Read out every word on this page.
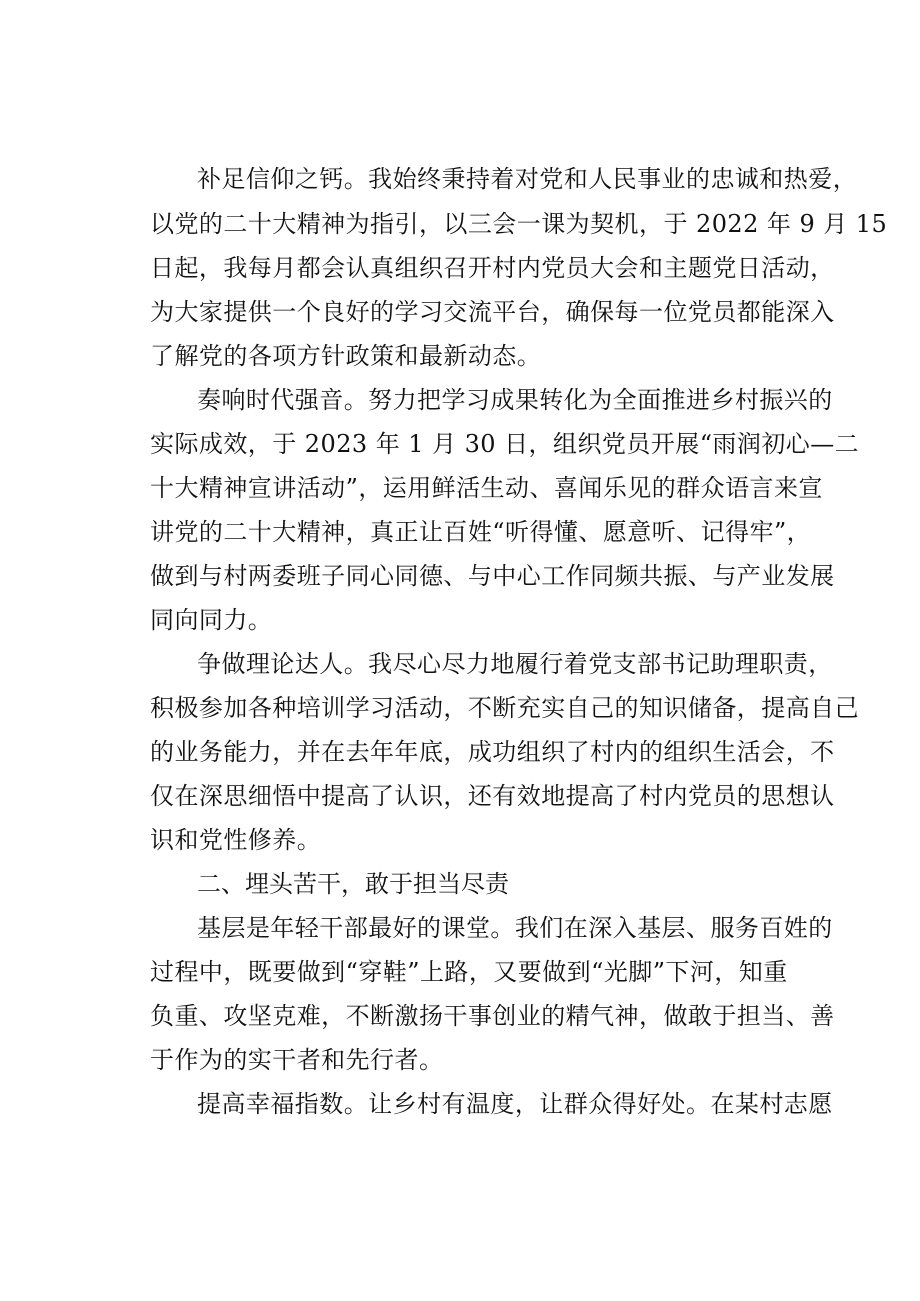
补足信仰之钙。我始终秉持着对党和人民事业的忠诚和热爱，
以党的二十大精神为指引，以三会一课为契机，于 2022 年 9 月 15
日起，我每月都会认真组织召开村内党员大会和主题党日活动，
为大家提供一个良好的学习交流平台，确保每一位党员都能深入
了解党的各项方针政策和最新动态。
奏响时代强音。努力把学习成果转化为全面推进乡村振兴的
实际成效，于 2023 年 1 月 30 日，组织党员开展“雨润初心—二
十大精神宣讲活动”，运用鲜活生动、喜闻乐见的群众语言来宣
讲党的二十大精神，真正让百姓“听得懂、愿意听、记得牢”，
做到与村两委班子同心同德、与中心工作同频共振、与产业发展
同向同力。
争做理论达人。我尽心尽力地履行着党支部书记助理职责，
积极参加各种培训学习活动，不断充实自己的知识储备，提高自己
的业务能力，并在去年年底，成功组织了村内的组织生活会，不
仅在深思细悟中提高了认识，还有效地提高了村内党员的思想认
识和党性修养。
二、埋头苦干，敢于担当尽责
基层是年轻干部最好的课堂。我们在深入基层、服务百姓的
过程中，既要做到“穿鞋”上路，又要做到“光脚”下河，知重
负重、攻坚克难，不断激扬干事创业的精气神，做敢于担当、善
于作为的实干者和先行者。
提高幸福指数。让乡村有温度，让群众得好处。在某村志愿
